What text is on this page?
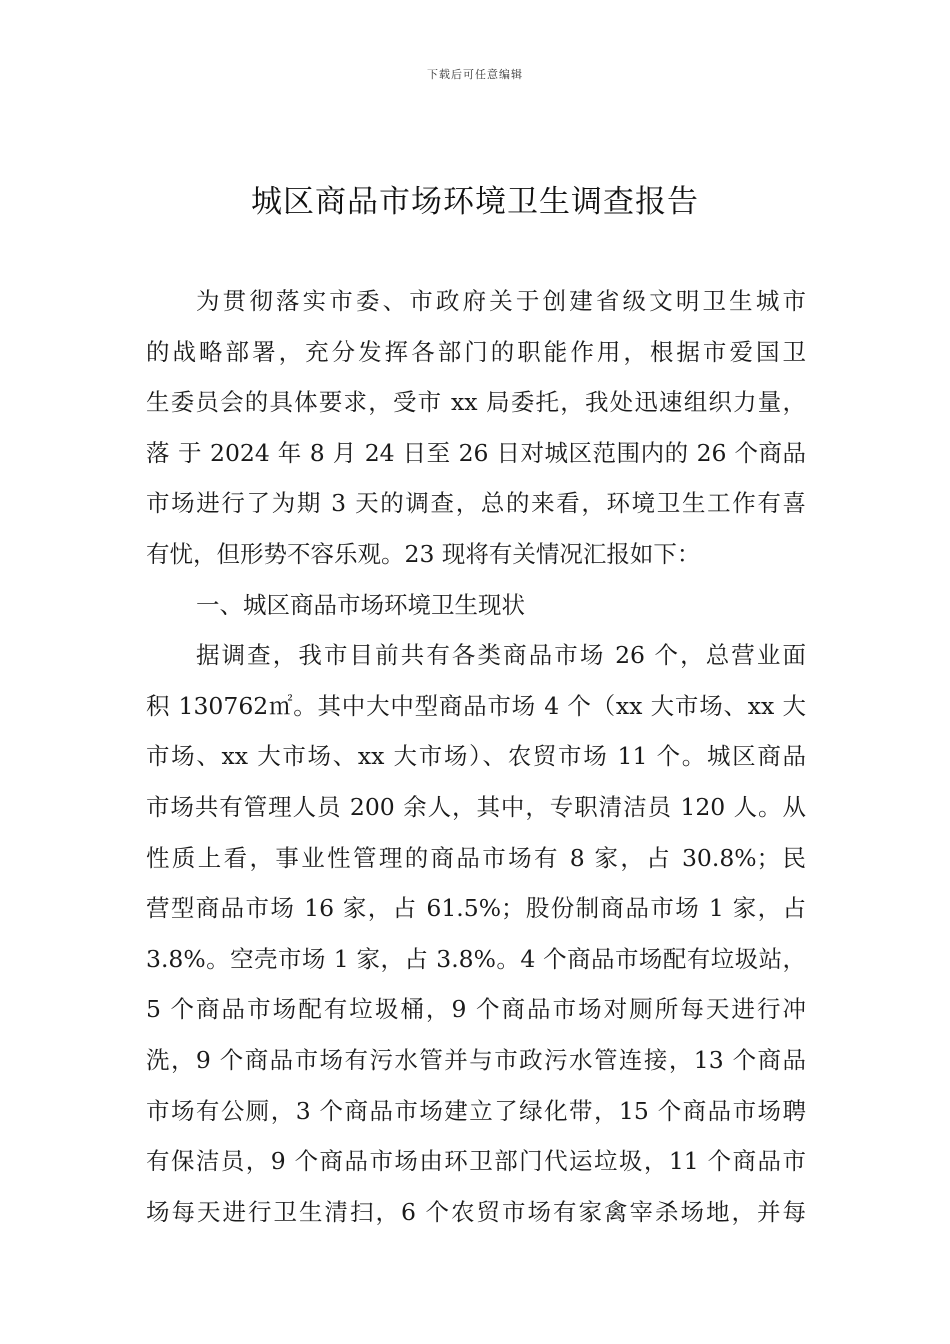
下载后可任意编辑
城区商品市场环境卫生调查报告
为贯彻落实市委、市政府关于创建省级文明卫生城市
的战略部署，充分发挥各部门的职能作用，根据市爱国卫
生委员会的具体要求，受市 xx 局委托，我处迅速组织力量，
落 于 2024 年 8 月 24 日至 26 日对城区范围内的 26 个商品
市场进行了为期 3 天的调查，总的来看，环境卫生工作有喜
有忧，但形势不容乐观。23 现将有关情况汇报如下：
一、城区商品市场环境卫生现状
据调查，我市目前共有各类商品市场 26 个，总营业面
积 130762㎡。其中大中型商品市场 4 个（xx 大市场、xx 大
市场、xx 大市场、xx 大市场）、农贸市场 11 个。城区商品
市场共有管理人员 200 余人，其中，专职清洁员 120 人。从
性质上看，事业性管理的商品市场有 8 家，占 30.8%；民
营型商品市场 16 家，占 61.5%；股份制商品市场 1 家，占
3.8%。空壳市场 1 家，占 3.8%。4 个商品市场配有垃圾站，
5 个商品市场配有垃圾桶，9 个商品市场对厕所每天进行冲
洗，9 个商品市场有污水管并与市政污水管连接，13 个商品
市场有公厕，3 个商品市场建立了绿化带，15 个商品市场聘
有保洁员，9 个商品市场由环卫部门代运垃圾，11 个商品市
场每天进行卫生清扫，6 个农贸市场有家禽宰杀场地，并每
